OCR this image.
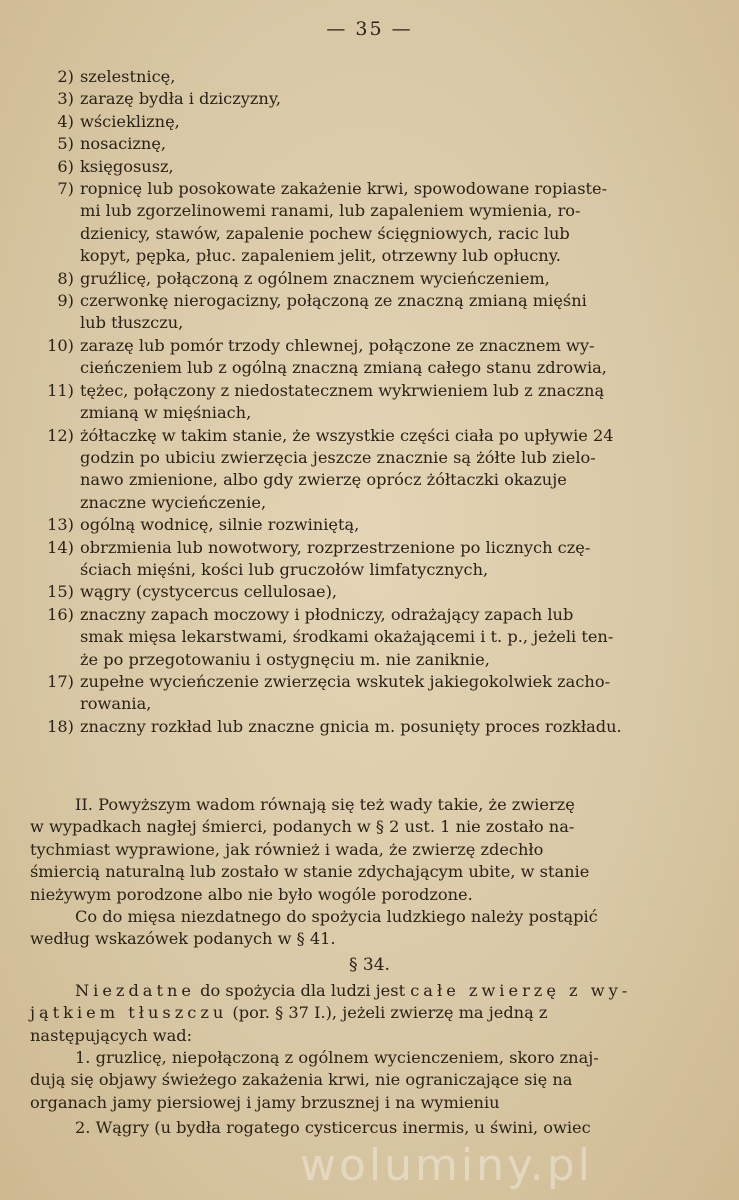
— 35 —
2) szelestnicę,
3) zarazę bydła i dziczyzny,
4) wściekliznę,
5) nosaciznę,
6) księgosusz,
7) ropnicę lub posokowate zakażenie krwi, spowodowane ropiaste-
mi lub zgorzelinowemi ranami, lub zapaleniem wymienia, ro-
dzienicy, stawów, zapalenie pochew ścięgniowych, racic lub
kopyt, pępka, płuc. zapaleniem jelit, otrzewny lub opłucny.
8) gruźlicę, połączoną z ogólnem znacznem wycieńczeniem,
9) czerwonkę nierogacizny, połączoną ze znaczną zmianą mięśni
lub tłuszczu,
10) zarazę lub pomór trzody chlewnej, połączone ze znacznem wy-
cieńczeniem lub z ogólną znaczną zmianą całego stanu zdrowia,
11) tężec, połączony z niedostatecznem wykrwieniem lub z znaczną
zmianą w mięśniach,
12) żółtaczkę w takim stanie, że wszystkie części ciała po upływie 24
godzin po ubiciu zwierzęcia jeszcze znacznie są żółte lub zielo-
nawo zmienione, albo gdy zwierzę oprócz żółtaczki okazuje
znaczne wycieńczenie,
13) ogólną wodnicę, silnie rozwiniętą,
14) obrzmienia lub nowotwory, rozprzestrzenione po licznych czę-
ściach mięśni, kości lub gruczołów limfatycznych,
15) wągry (cystycercus cellulosae),
16) znaczny zapach moczowy i płodniczy, odrażający zapach lub
smak mięsa lekarstwami, środkami okażającemi i t. p., jeżeli ten-
że po przegotowaniu i ostygnęciu m. nie zaniknie,
17) zupełne wycieńczenie zwierzęcia wskutek jakiegokolwiek zacho-
rowania,
18) znaczny rozkład lub znaczne gnicia m. posunięty proces rozkładu.
II. Powyższym wadom równają się też wady takie, że zwierzę
w wypadkach nagłej śmierci, podanych w § 2 ust. 1 nie zostało na-
tychmiast wyprawione, jak również i wada, że zwierzę zdechło
śmiercią naturalną lub zostało w stanie zdychającym ubite, w stanie
nieżywym porodzone albo nie było wogóle porodzone.
Co do mięsa niezdatnego do spożycia ludzkiego należy postąpić
według wskazówek podanych w § 41.
§ 34.
Niezdatne do spożycia dla ludzi jest całe zwierzę z wy-
jątkiem tłuszczu (por. § 37 I.), jeżeli zwierzę ma jedną z
następujących wad:
1. gruzlicę, niepołączoną z ogólnem wycienczeniem, skoro znaj-
dują się objawy świeżego zakażenia krwi, nie ograniczające się na
organach jamy piersiowej i jamy brzusznej i na wymieniu
2. Wągry (u bydła rogatego cysticercus inermis, u świni, owiec
woluminy.pl
